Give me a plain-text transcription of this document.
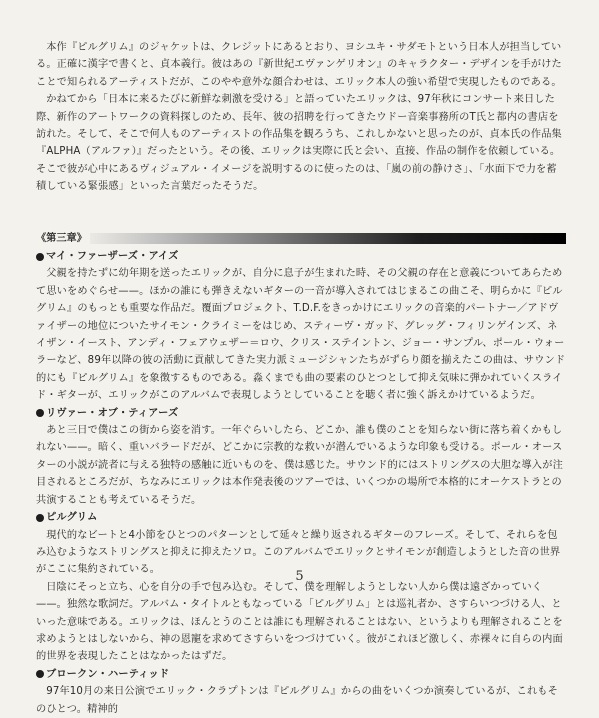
本作『ピルグリム』のジャケットは、クレジットにあるとおり、ヨシユキ・サダモトという日本人が担当している。正確に漢字で書くと、貞本義行。彼はあの『新世紀エヴァンゲリオン』のキャラクター・デザインを手がけたことで知られるアーティストだが、このやや意外な顔合わせは、エリック本人の強い希望で実現したものである。

かねてから「日本に来るたびに新鮮な刺激を受ける」と語っていたエリックは、97年秋にコンサート来日した際、新作のアートワークの資料探しのため、長年、彼の招聘を行ってきたウドー音楽事務所のT氏と都内の書店を訪れた。そして、そこで何人ものアーティストの作品集を観ろうち、これしかないと思ったのが、貞本氏の作品集『ALPHA（アルファ）』だったという。その後、エリックは実際に氏と会い、直接、作品の制作を依頼している。そこで彼が心中にあるヴィジュアル・イメージを説明するのに使ったのは、「嵐の前の静けさ」、「水面下で力を蓄積している緊張感」といった言葉だったそうだ。

《第三章》
マイ・ファーザーズ・アイズ

父親を持たずに幼年期を送ったエリックが、自分に息子が生まれた時、その父親の存在と意義についてあらためて思いをめぐらせ——。ほかの誰にも弾きえないギターの一音が導入されてはじまるこの曲こそ、明らかに『ピルグリム』のもっとも重要な作品だ。覆面プロジェクト、T.D.F.をきっかけにエリックの音楽的パートナー／アドヴァイザーの地位についたサイモン・クライミーをはじめ、スティーヴ・ガッド、グレッグ・フィリンゲインズ、ネイザン・イースト、アンディ・フェアウェザー＝ロウ、クリス・ステイントン、ジョー・サンプル、ポール・ウォーラーなど、89年以降の彼の活動に貢献してきた実力派ミュージシャンたちがずらり顔を揃えたこの曲は、サウンド的にも『ピルグリム』を象徴するものである。淼くまでも曲の要素のひとつとして抑え気味に弾かれていくスライド・ギターが、エリックがこのアルバムで表現しようとしていることを聴く者に強く訴えかけているようだ。

リヴァー・オブ・ティアーズ

あと三日で僕はこの街から姿を消す。一年ぐらいしたら、どこか、誰も僕のことを知らない街に落ち着くかもしれない——。暗く、重いバラードだが、どこかに宗教的な救いが潜んでいるような印象も受ける。ポール・オースターの小説が読者に与える独特の感触に近いものを、僕は感じた。サウンド的にはストリングスの大胆な導入が注目されるところだが、ちなみにエリックは本作発表後のツアーでは、いくつかの場所で本格的にオーケストラとの共演することも考えているそうだ。

ピルグリム

現代的なビートと4小節をひとつのパターンとして延々と繰り返されるギターのフレーズ。そして、それらを包み込むようなストリングスと抑えに抑えたソロ。このアルバムでエリックとサイモンが創造しようとした音の世界がここに集約されている。

日陰にそっと立ち、心を自分の手で包み込む。そして、僕を理解しようとしない人から僕は遠ざかっていく——。独然な歌詞だ。アルバム・タイトルともなっている「ピルグリム」とは巡礼者か、さすらいつづける人、といった意味である。エリックは、ほんとうのことは誰にも理解されることはない、というよりも理解されることを求めようとはしないから、神の恩寵を求めてさすらいをつづけていく。彼がこれほど激しく、赤裸々に自らの内面的世界を表現したことはなかったはずだ。

ブロークン・ハーティッド

97年10月の来日公演でエリック・クラプトンは『ピルグリム』からの曲をいくつか演奏しているが、これもそのひとつ。精神的

5
